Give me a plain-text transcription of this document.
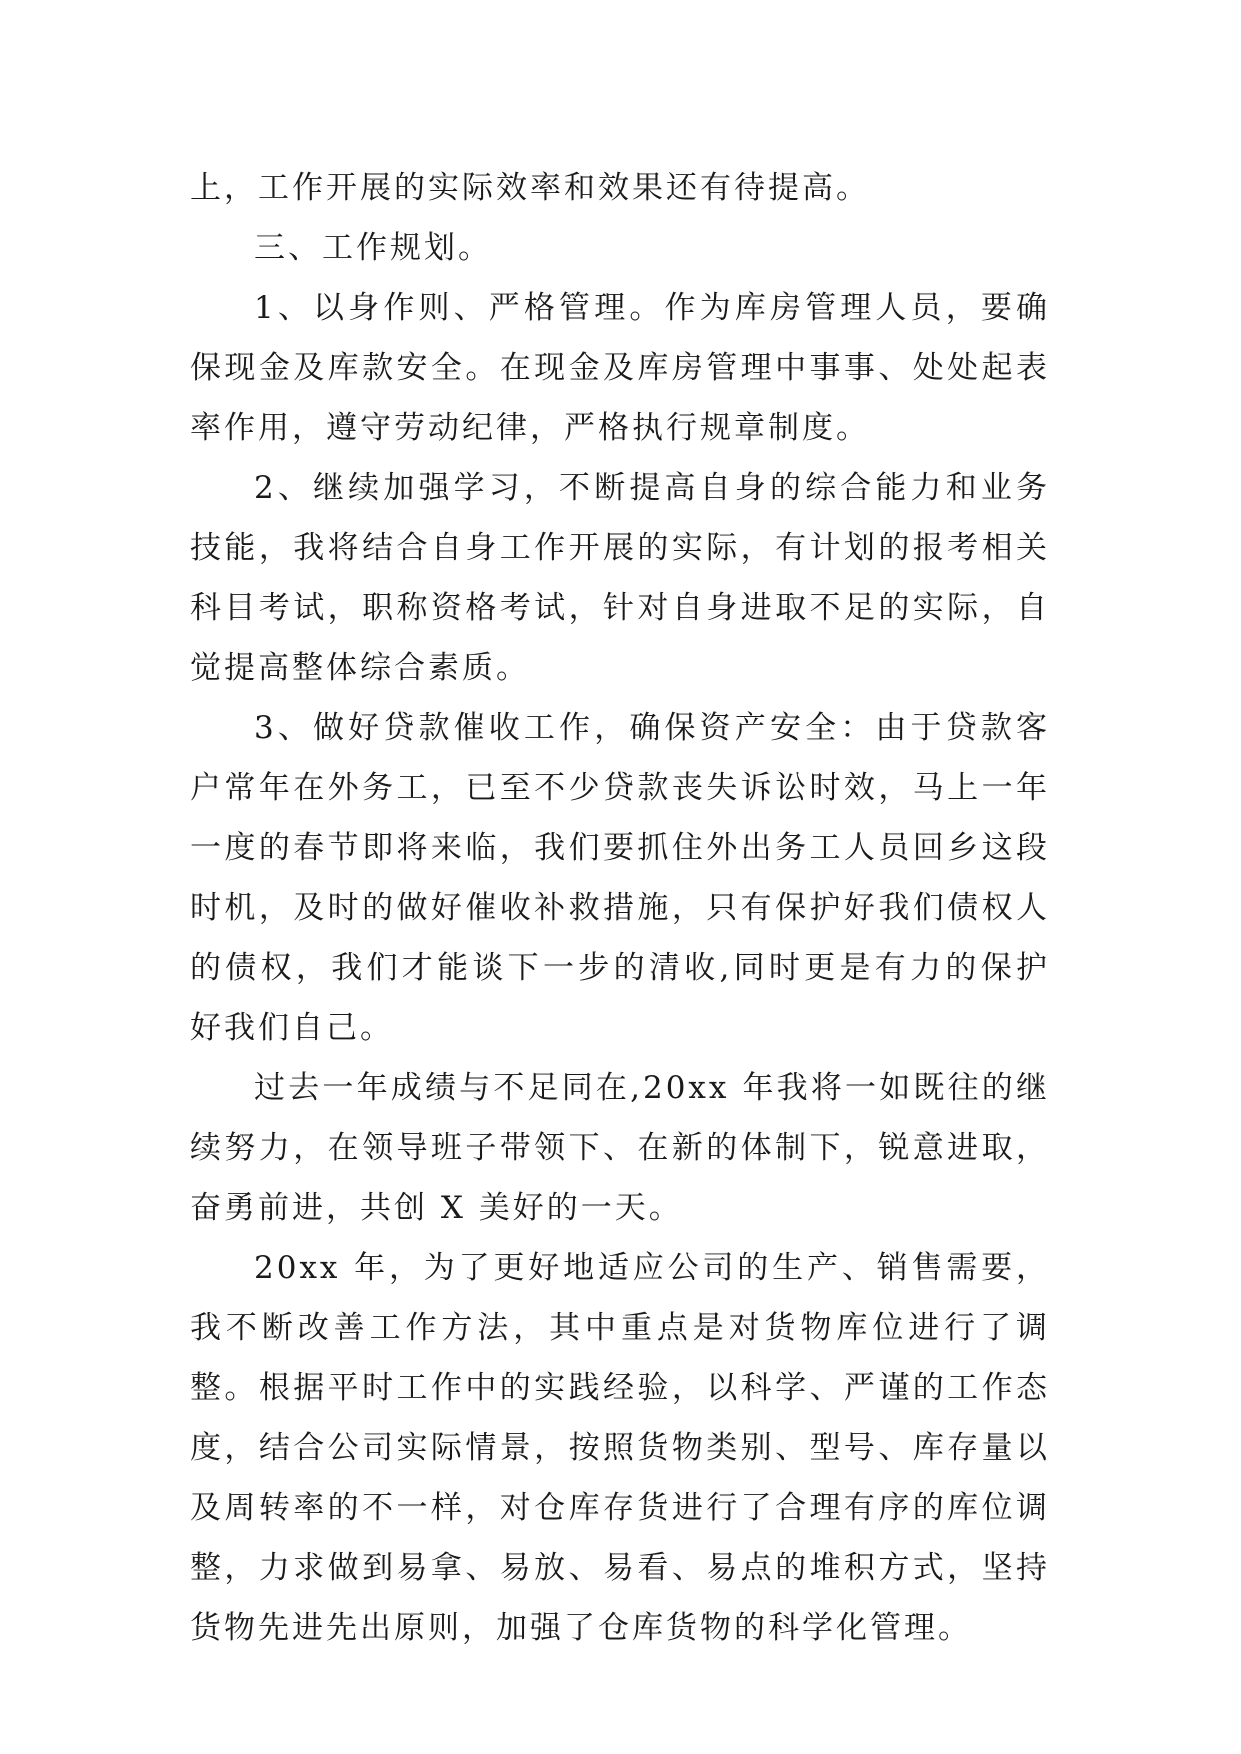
上，工作开展的实际效率和效果还有待提高。

三、工作规划。

1、以身作则、严格管理。作为库房管理人员，要确保现金及库款安全。在现金及库房管理中事事、处处起表率作用，遵守劳动纪律，严格执行规章制度。

2、继续加强学习，不断提高自身的综合能力和业务技能，我将结合自身工作开展的实际，有计划的报考相关科目考试，职称资格考试，针对自身进取不足的实际，自觉提高整体综合素质。

3、做好贷款催收工作，确保资产安全：由于贷款客户常年在外务工，已至不少贷款丧失诉讼时效，马上一年一度的春节即将来临，我们要抓住外出务工人员回乡这段时机，及时的做好催收补救措施，只有保护好我们债权人的债权，我们才能谈下一步的清收,同时更是有力的保护好我们自己。

过去一年成绩与不足同在,20xx 年我将一如既往的继续努力，在领导班子带领下、在新的体制下，锐意进取，奋勇前进，共创 X 美好的一天。

20xx 年，为了更好地适应公司的生产、销售需要，我不断改善工作方法，其中重点是对货物库位进行了调整。根据平时工作中的实践经验，以科学、严谨的工作态度，结合公司实际情景，按照货物类别、型号、库存量以及周转率的不一样，对仓库存货进行了合理有序的库位调整，力求做到易拿、易放、易看、易点的堆积方式，坚持货物先进先出原则，加强了仓库货物的科学化管理。
